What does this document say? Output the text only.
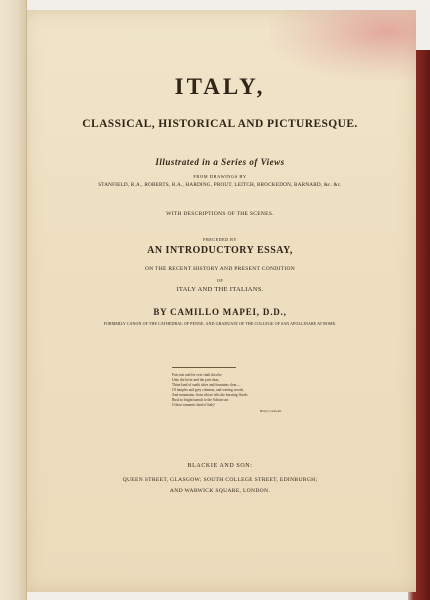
ITALY,
CLASSICAL, HISTORICAL AND PICTURESQUE.
Illustrated in a Series of Views
FROM DRAWINGS BY
STANFIELD, R.A., ROBERTS, R.A., HARDING, PROUT, LEITCH, BROCKEDON, BARNARD, &c. &c.
WITH DESCRIPTIONS OF THE SCENES.
PRECEDED BY
AN INTRODUCTORY ESSAY,
ON THE RECENT HISTORY AND PRESENT CONDITION
OF
ITALY AND THE ITALIANS.
BY CAMILLO MAPEI, D.D.,
FORMERLY CANON OF THE CATHEDRAL OF PENNE, AND GRADUATE OF THE COLLEGE OF SAN APOLLINARE AT ROME.
Fair seat and for ever shalt thou be
Unto the lover and the poet dear,
Thine land of sunlit skies and fountains clear—
Of temples and grey columns, and waving woods,
And mountains, from whose rifts the bursting floods
Rush in bright tumult to the Adrian sea:
O thou romantic land of Italy!
Barry Cornwall.
BLACKIE AND SON:
QUEEN STREET, GLASGOW; SOUTH COLLEGE STREET, EDINBURGH;
AND WARWICK SQUARE, LONDON.
